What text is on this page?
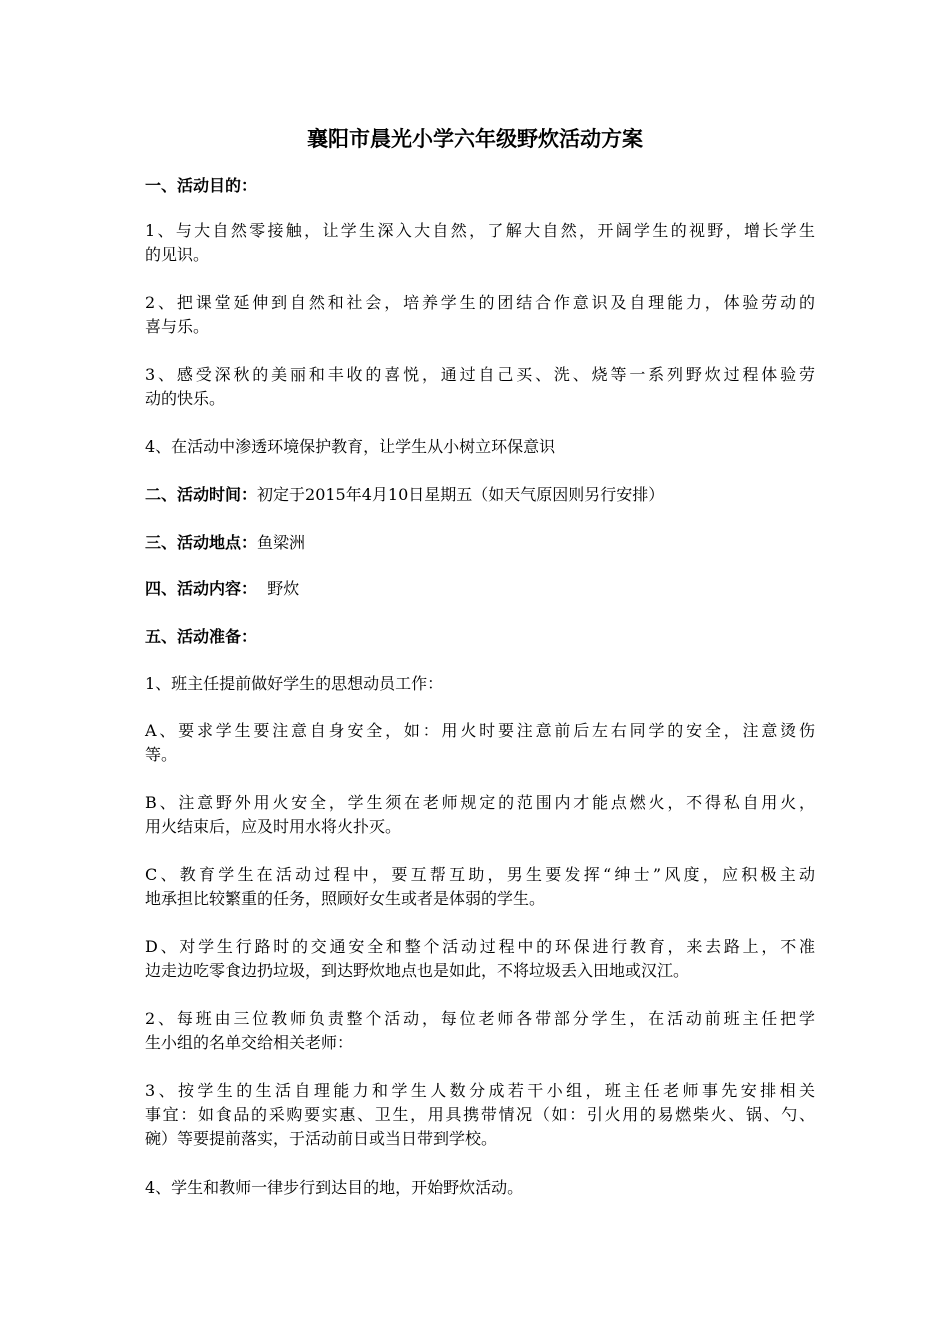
襄阳市晨光小学六年级野炊活动方案

一、活动目的：

1、与大自然零接触，让学生深入大自然，了解大自然，开阔学生的视野，增长学生
的见识。

2、把课堂延伸到自然和社会，培养学生的团结合作意识及自理能力，体验劳动的
喜与乐。

3、感受深秋的美丽和丰收的喜悦，通过自己买、洗、烧等一系列野炊过程体验劳
动的快乐。

4、在活动中渗透环境保护教育，让学生从小树立环保意识

二、活动时间：初定于2015年4月10日星期五（如天气原因则另行安排）

三、活动地点：鱼梁洲

四、活动内容：  野炊

五、活动准备：

1、班主任提前做好学生的思想动员工作：

A、要求学生要注意自身安全，如：用火时要注意前后左右同学的安全，注意烫伤
等。

B、注意野外用火安全，学生须在老师规定的范围内才能点燃火，不得私自用火，
用火结束后，应及时用水将火扑灭。

C、教育学生在活动过程中，要互帮互助，男生要发挥“绅士”风度，应积极主动
地承担比较繁重的任务，照顾好女生或者是体弱的学生。

D、对学生行路时的交通安全和整个活动过程中的环保进行教育，来去路上，不准
边走边吃零食边扔垃圾，到达野炊地点也是如此，不将垃圾丢入田地或汉江。

2、每班由三位教师负责整个活动，每位老师各带部分学生，在活动前班主任把学
生小组的名单交给相关老师：

3、按学生的生活自理能力和学生人数分成若干小组，班主任老师事先安排相关
事宜：如食品的采购要实惠、卫生，用具携带情况（如：引火用的易燃柴火、锅、勺、
碗）等要提前落实，于活动前日或当日带到学校。

4、学生和教师一律步行到达目的地，开始野炊活动。
